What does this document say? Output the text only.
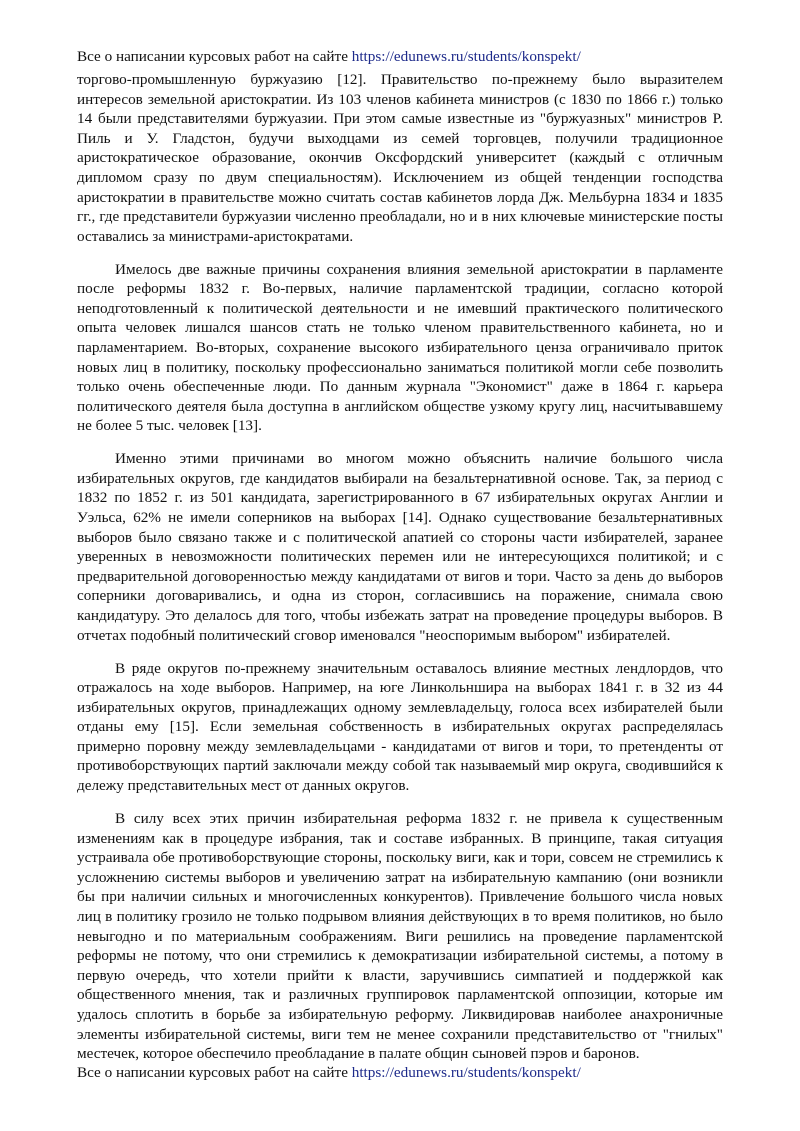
Все о написании курсовых работ на сайте https://edunews.ru/students/konspekt/

торгово-промышленную буржуазию [12]. Правительство по-прежнему было выразителем интересов земельной аристократии. Из 103 членов кабинета министров (с 1830 по 1866 г.) только 14 были представителями буржуазии. При этом самые известные из "буржуазных" министров Р. Пиль и У. Гладстон, будучи выходцами из семей торговцев, получили традиционное аристократическое образование, окончив Оксфордский университет (каждый с отличным дипломом сразу по двум специальностям). Исключением из общей тенденции господства аристократии в правительстве можно считать состав кабинетов лорда Дж. Мельбурна 1834 и 1835 гг., где представители буржуазии численно преобладали, но и в них ключевые министерские посты оставались за министрами-аристократами.

Имелось две важные причины сохранения влияния земельной аристократии в парламенте после реформы 1832 г. Во-первых, наличие парламентской традиции, согласно которой неподготовленный к политической деятельности и не имевший практического политического опыта человек лишался шансов стать не только членом правительственного кабинета, но и парламентарием. Во-вторых, сохранение высокого избирательного ценза ограничивало приток новых лиц в политику, поскольку профессионально заниматься политикой могли себе позволить только очень обеспеченные люди. По данным журнала "Экономист" даже в 1864 г. карьера политического деятеля была доступна в английском обществе узкому кругу лиц, насчитывавшему не более 5 тыс. человек [13].

Именно этими причинами во многом можно объяснить наличие большого числа избирательных округов, где кандидатов выбирали на безальтернативной основе. Так, за период с 1832 по 1852 г. из 501 кандидата, зарегистрированного в 67 избирательных округах Англии и Уэльса, 62% не имели соперников на выборах [14]. Однако существование безальтернативных выборов было связано также и с политической апатией со стороны части избирателей, заранее уверенных в невозможности политических перемен или не интересующихся политикой; и с предварительной договоренностью между кандидатами от вигов и тори. Часто за день до выборов соперники договаривались, и одна из сторон, согласившись на поражение, снимала свою кандидатуру. Это делалось для того, чтобы избежать затрат на проведение процедуры выборов. В отчетах подобный политический сговор именовался "неоспоримым выбором" избирателей.

В ряде округов по-прежнему значительным оставалось влияние местных лендлордов, что отражалось на ходе выборов. Например, на юге Линкольншира на выборах 1841 г. в 32 из 44 избирательных округов, принадлежащих одному землевладельцу, голоса всех избирателей были отданы ему [15]. Если земельная собственность в избирательных округах распределялась примерно поровну между землевладельцами - кандидатами от вигов и тори, то претенденты от противоборствующих партий заключали между собой так называемый мир округа, сводившийся к дележу представительных мест от данных округов.

В силу всех этих причин избирательная реформа 1832 г. не привела к существенным изменениям как в процедуре избрания, так и составе избранных. В принципе, такая ситуация устраивала обе противоборствующие стороны, поскольку виги, как и тори, совсем не стремились к усложнению системы выборов и увеличению затрат на избирательную кампанию (они возникли бы при наличии сильных и многочисленных конкурентов). Привлечение большого числа новых лиц в политику грозило не только подрывом влияния действующих в то время политиков, но было невыгодно и по материальным соображениям. Виги решились на проведение парламентской реформы не потому, что они стремились к демократизации избирательной системы, а потому в первую очередь, что хотели прийти к власти, заручившись симпатией и поддержкой как общественного мнения, так и различных группировок парламентской оппозиции, которые им удалось сплотить в борьбе за избирательную реформу. Ликвидировав наиболее анахроничные элементы избирательной системы, виги тем не менее сохранили представительство от "гнилых" местечек, которое обеспечило преобладание в палате общин сыновей пэров и баронов.

Все о написании курсовых работ на сайте https://edunews.ru/students/konspekt/
